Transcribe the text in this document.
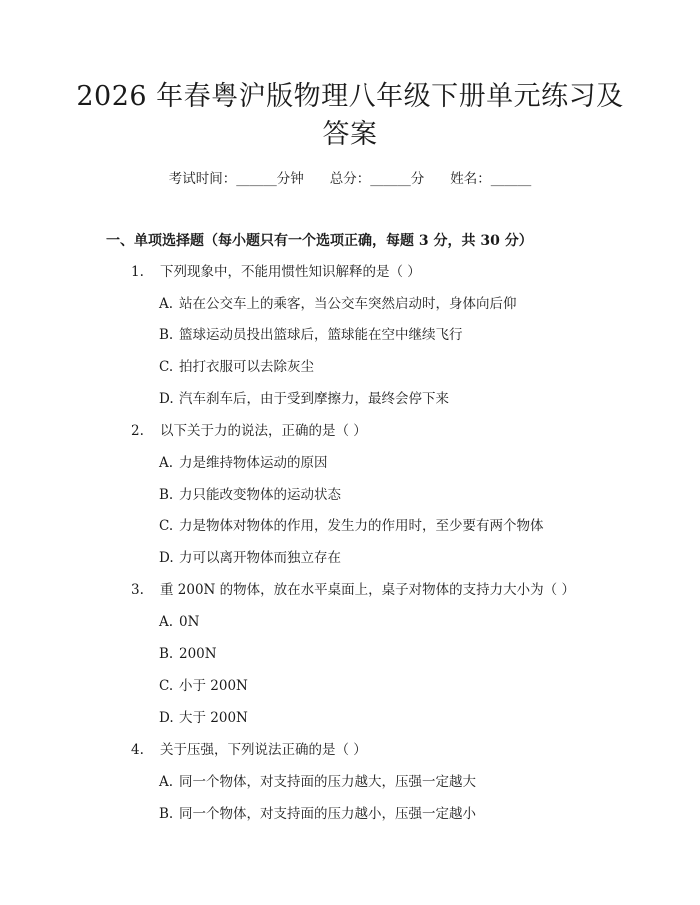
2026 年春粤沪版物理八年级下册单元练习及
答案
考试时间：______分钟 总分：______分 姓名：______
一、单项选择题（每小题只有一个选项正确，每题 3 分，共 30 分）
1. 下列现象中，不能用惯性知识解释的是（ ）
A. 站在公交车上的乘客，当公交车突然启动时，身体向后仰
B. 篮球运动员投出篮球后，篮球能在空中继续飞行
C. 拍打衣服可以去除灰尘
D. 汽车刹车后，由于受到摩擦力，最终会停下来
2. 以下关于力的说法，正确的是（ ）
A. 力是维持物体运动的原因
B. 力只能改变物体的运动状态
C. 力是物体对物体的作用，发生力的作用时，至少要有两个物体
D. 力可以离开物体而独立存在
3. 重 200N 的物体，放在水平桌面上，桌子对物体的支持力大小为（ ）
A. 0N
B. 200N
C. 小于 200N
D. 大于 200N
4. 关于压强，下列说法正确的是（ ）
A. 同一个物体，对支持面的压力越大，压强一定越大
B. 同一个物体，对支持面的压力越小，压强一定越小
